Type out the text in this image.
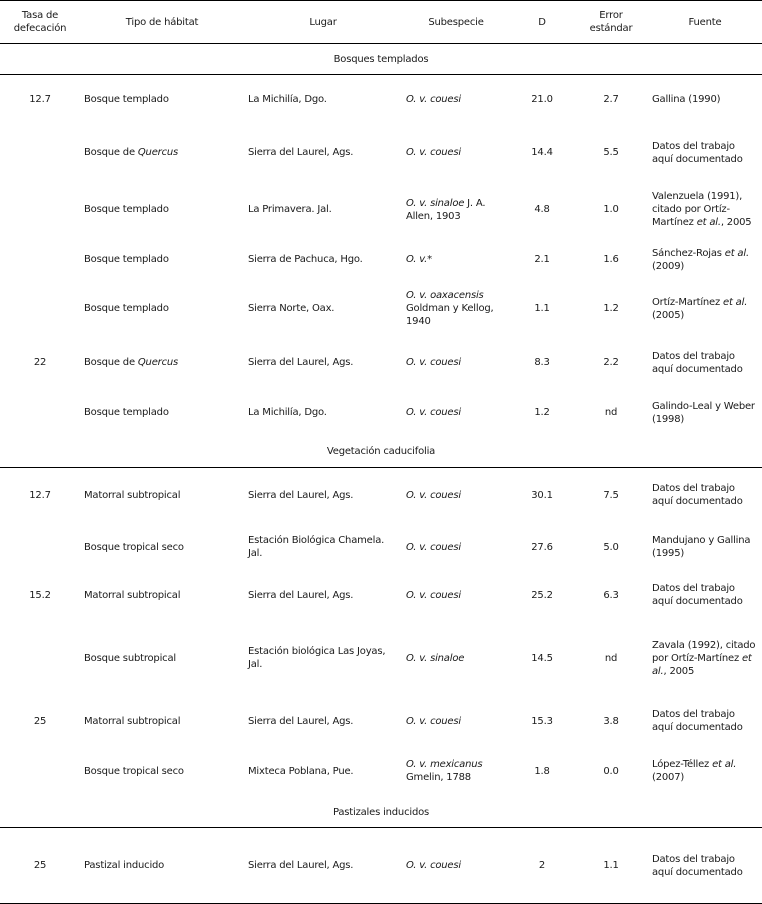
Tasa de defecación	Tipo de hábitat	Lugar	Subespecie	D	Error estándar	Fuente
Bosques templados						
12.7	Bosque templado	La Michilía, Dgo.	O. v. couesi	21.0	2.7	Gallina (1990)
	Bosque de Quercus	Sierra del Laurel, Ags.	O. v. couesi	14.4	5.5	Datos del trabajo aquí documentado
	Bosque templado	La Primavera. Jal.	O. v. sinaloe J. A. Allen, 1903	4.8	1.0	Valenzuela (1991), citado por Ortíz-Martínez et al., 2005
	Bosque templado	Sierra de Pachuca, Hgo.	O. v.*	2.1	1.6	Sánchez-Rojas et al. (2009)
	Bosque templado	Sierra Norte, Oax.	O. v. oaxacensis Goldman y Kellog, 1940	1.1	1.2	Ortíz-Martínez et al. (2005)
22	Bosque de Quercus	Sierra del Laurel, Ags.	O. v. couesi	8.3	2.2	Datos del trabajo aquí documentado
	Bosque templado	La Michilía, Dgo.	O. v. couesi	1.2	nd	Galindo-Leal y Weber (1998)
Vegetación caducifolia						
12.7	Matorral subtropical	Sierra del Laurel, Ags.	O. v. couesi	30.1	7.5	Datos del trabajo aquí documentado
	Bosque tropical seco	Estación Biológica Chamela. Jal.	O. v. couesi	27.6	5.0	Mandujano y Gallina (1995)
15.2	Matorral subtropical	Sierra del Laurel, Ags.	O. v. couesi	25.2	6.3	Datos del trabajo aquí documentado
	Bosque subtropical	Estación biológica Las Joyas, Jal.	O. v. sinaloe	14.5	nd	Zavala (1992), citado por Ortíz-Martínez et al., 2005
25	Matorral subtropical	Sierra del Laurel, Ags.	O. v. couesi	15.3	3.8	Datos del trabajo aquí documentado
	Bosque tropical seco	Mixteca Poblana, Pue.	O. v. mexicanus Gmelin, 1788	1.8	0.0	López-Téllez et al. (2007)
Pastizales inducidos						
25	Pastizal inducido	Sierra del Laurel, Ags.	O. v. couesi	2	1.1	Datos del trabajo aquí documentado
